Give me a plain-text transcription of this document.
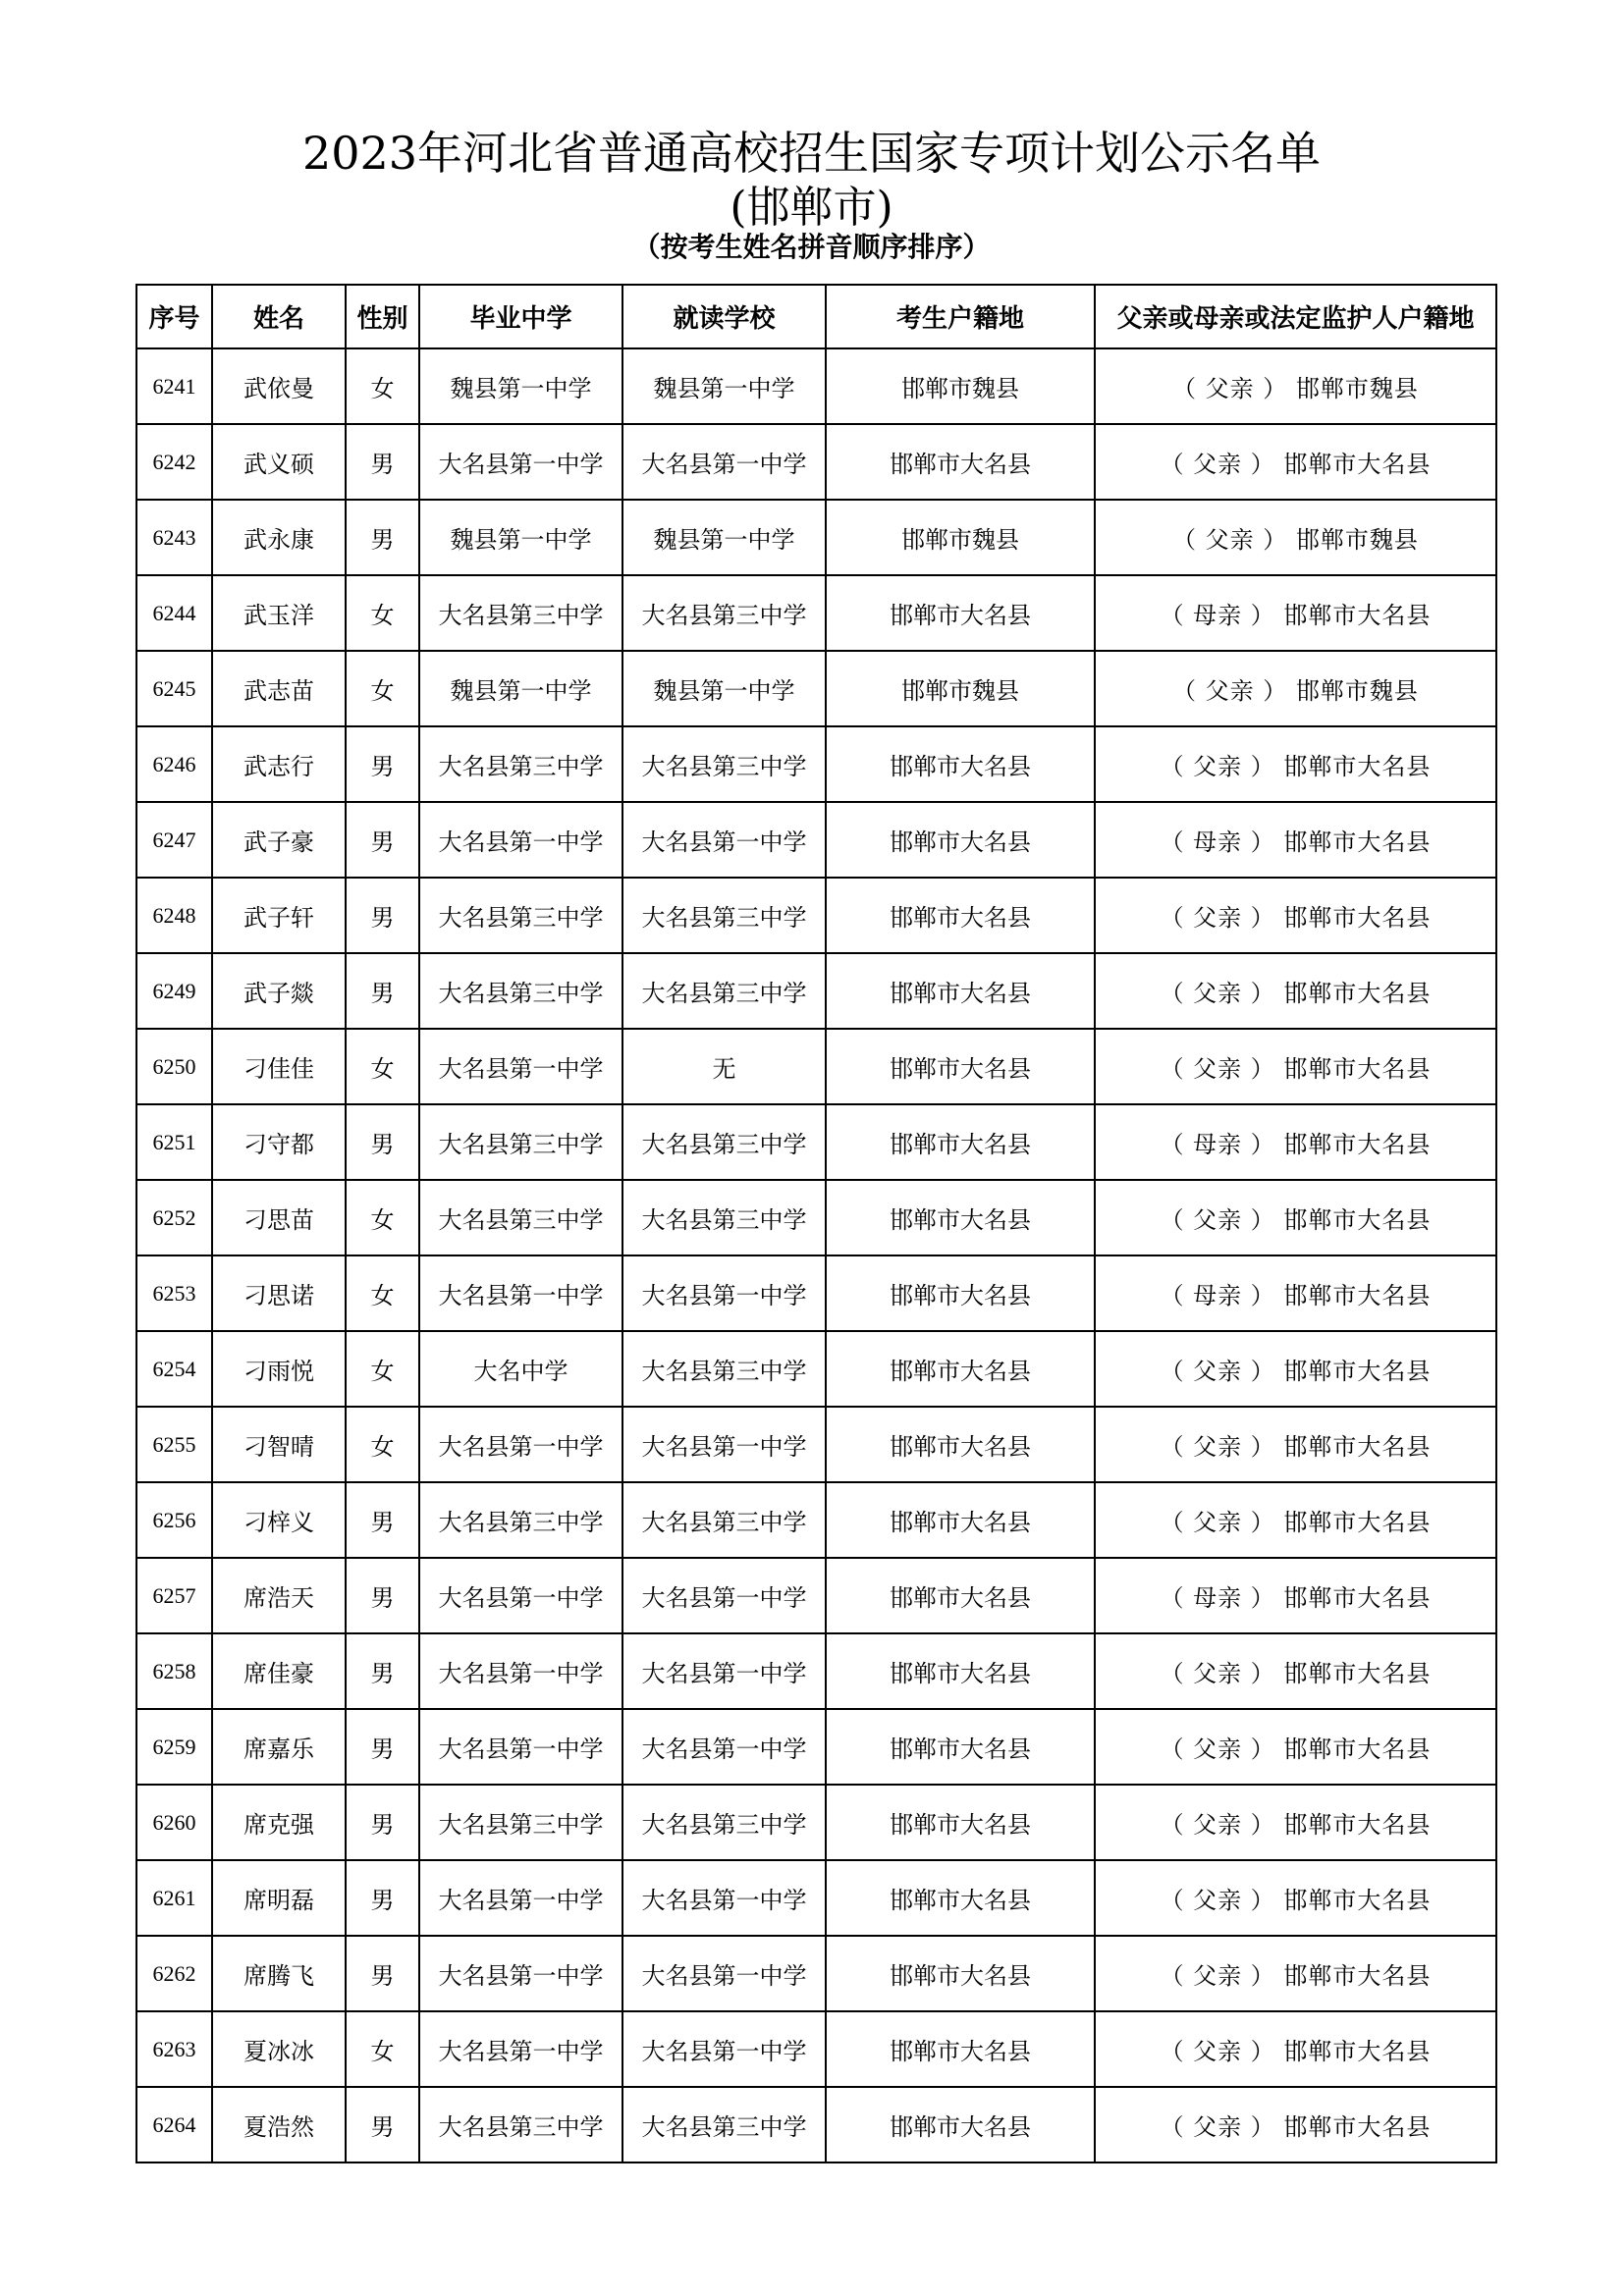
2023年河北省普通高校招生国家专项计划公示名单
(邯郸市)
（按考生姓名拼音顺序排序）
序号	姓名	性别	毕业中学	就读学校	考生户籍地	父亲或母亲或法定监护人户籍地
6241	武依曼	女	魏县第一中学	魏县第一中学	邯郸市魏县	（ 父亲 ） 邯郸市魏县
6242	武义硕	男	大名县第一中学	大名县第一中学	邯郸市大名县	（ 父亲 ） 邯郸市大名县
6243	武永康	男	魏县第一中学	魏县第一中学	邯郸市魏县	（ 父亲 ） 邯郸市魏县
6244	武玉洋	女	大名县第三中学	大名县第三中学	邯郸市大名县	（ 母亲 ） 邯郸市大名县
6245	武志苗	女	魏县第一中学	魏县第一中学	邯郸市魏县	（ 父亲 ） 邯郸市魏县
6246	武志行	男	大名县第三中学	大名县第三中学	邯郸市大名县	（ 父亲 ） 邯郸市大名县
6247	武子豪	男	大名县第一中学	大名县第一中学	邯郸市大名县	（ 母亲 ） 邯郸市大名县
6248	武子轩	男	大名县第三中学	大名县第三中学	邯郸市大名县	（ 父亲 ） 邯郸市大名县
6249	武子燚	男	大名县第三中学	大名县第三中学	邯郸市大名县	（ 父亲 ） 邯郸市大名县
6250	刁佳佳	女	大名县第一中学	无	邯郸市大名县	（ 父亲 ） 邯郸市大名县
6251	刁守都	男	大名县第三中学	大名县第三中学	邯郸市大名县	（ 母亲 ） 邯郸市大名县
6252	刁思苗	女	大名县第三中学	大名县第三中学	邯郸市大名县	（ 父亲 ） 邯郸市大名县
6253	刁思诺	女	大名县第一中学	大名县第一中学	邯郸市大名县	（ 母亲 ） 邯郸市大名县
6254	刁雨悦	女	大名中学	大名县第三中学	邯郸市大名县	（ 父亲 ） 邯郸市大名县
6255	刁智晴	女	大名县第一中学	大名县第一中学	邯郸市大名县	（ 父亲 ） 邯郸市大名县
6256	刁梓义	男	大名县第三中学	大名县第三中学	邯郸市大名县	（ 父亲 ） 邯郸市大名县
6257	席浩天	男	大名县第一中学	大名县第一中学	邯郸市大名县	（ 母亲 ） 邯郸市大名县
6258	席佳豪	男	大名县第一中学	大名县第一中学	邯郸市大名县	（ 父亲 ） 邯郸市大名县
6259	席嘉乐	男	大名县第一中学	大名县第一中学	邯郸市大名县	（ 父亲 ） 邯郸市大名县
6260	席克强	男	大名县第三中学	大名县第三中学	邯郸市大名县	（ 父亲 ） 邯郸市大名县
6261	席明磊	男	大名县第一中学	大名县第一中学	邯郸市大名县	（ 父亲 ） 邯郸市大名县
6262	席腾飞	男	大名县第一中学	大名县第一中学	邯郸市大名县	（ 父亲 ） 邯郸市大名县
6263	夏冰冰	女	大名县第一中学	大名县第一中学	邯郸市大名县	（ 父亲 ） 邯郸市大名县
6264	夏浩然	男	大名县第三中学	大名县第三中学	邯郸市大名县	（ 父亲 ） 邯郸市大名县
